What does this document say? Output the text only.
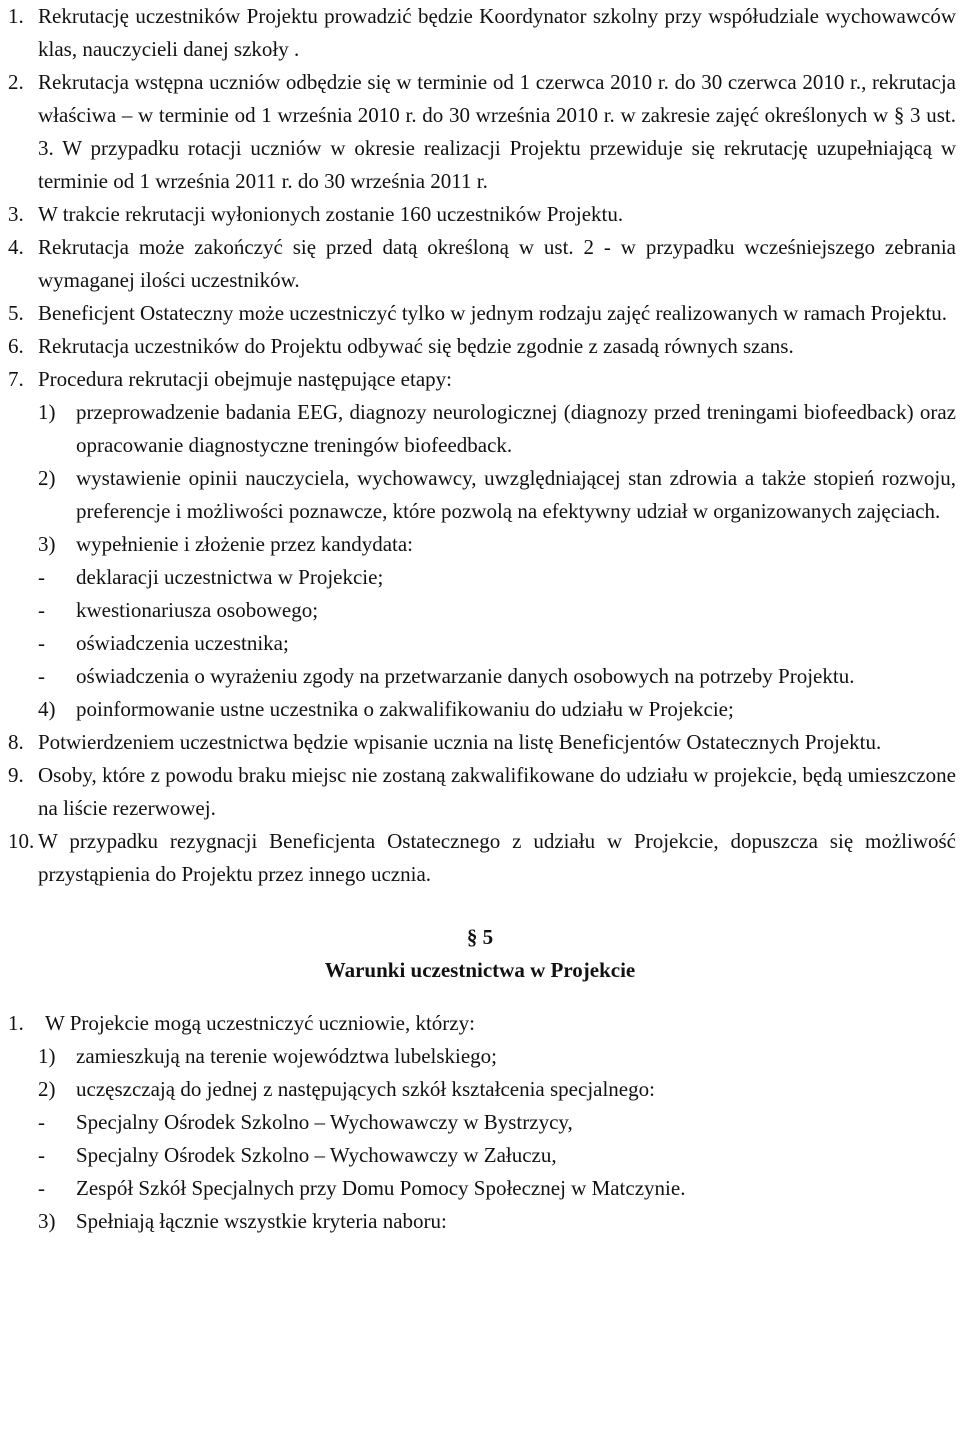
1. Rekrutację uczestników Projektu prowadzić będzie Koordynator szkolny przy współudziale wychowawców klas, nauczycieli danej szkoły .
2. Rekrutacja wstępna uczniów odbędzie się w terminie od 1 czerwca 2010 r. do 30 czerwca 2010 r., rekrutacja właściwa – w terminie od 1 września 2010 r. do 30 września 2010 r. w zakresie zajęć określonych w § 3 ust. 3. W przypadku rotacji uczniów w okresie realizacji Projektu przewiduje się rekrutację uzupełniającą w terminie od 1 września 2011 r. do 30 września 2011 r.
3. W trakcie rekrutacji wyłonionych zostanie 160 uczestników Projektu.
4. Rekrutacja może zakończyć się przed datą określoną w ust. 2 - w przypadku wcześniejszego zebrania wymaganej ilości uczestników.
5. Beneficjent Ostateczny może uczestniczyć tylko w jednym rodzaju zajęć realizowanych w ramach Projektu.
6. Rekrutacja uczestników do Projektu odbywać się będzie zgodnie z zasadą równych szans.
7. Procedura rekrutacji obejmuje następujące etapy:
1) przeprowadzenie badania EEG, diagnozy neurologicznej (diagnozy przed treningami biofeedback) oraz opracowanie diagnostyczne treningów biofeedback.
2) wystawienie opinii nauczyciela, wychowawcy, uwzględniającej stan zdrowia a także stopień rozwoju, preferencje i możliwości poznawcze, które pozwolą na efektywny udział w organizowanych zajęciach.
3) wypełnienie i złożenie przez kandydata:
- deklaracji uczestnictwa w Projekcie;
- kwestionariusza osobowego;
- oświadczenia uczestnika;
- oświadczenia o wyrażeniu zgody na przetwarzanie danych osobowych na potrzeby Projektu.
4) poinformowanie ustne uczestnika o zakwalifikowaniu do udziału w Projekcie;
8. Potwierdzeniem uczestnictwa będzie wpisanie ucznia na listę Beneficjentów Ostatecznych Projektu.
9. Osoby, które z powodu braku miejsc nie zostaną zakwalifikowane do udziału w projekcie, będą umieszczone na liście rezerwowej.
10. W przypadku rezygnacji Beneficjenta Ostatecznego z udziału w Projekcie, dopuszcza się możliwość przystąpienia do Projektu przez innego ucznia.
§ 5
Warunki uczestnictwa w Projekcie
1. W Projekcie mogą uczestniczyć uczniowie, którzy:
1) zamieszkują na terenie województwa lubelskiego;
2) uczęszczają do jednej z następujących szkół kształcenia specjalnego:
- Specjalny Ośrodek Szkolno – Wychowawczy w Bystrzycy,
- Specjalny Ośrodek Szkolno – Wychowawczy w Załuczu,
- Zespół Szkół Specjalnych przy Domu Pomocy Społecznej w Matczynie.
3) Spełniają łącznie wszystkie kryteria naboru:
